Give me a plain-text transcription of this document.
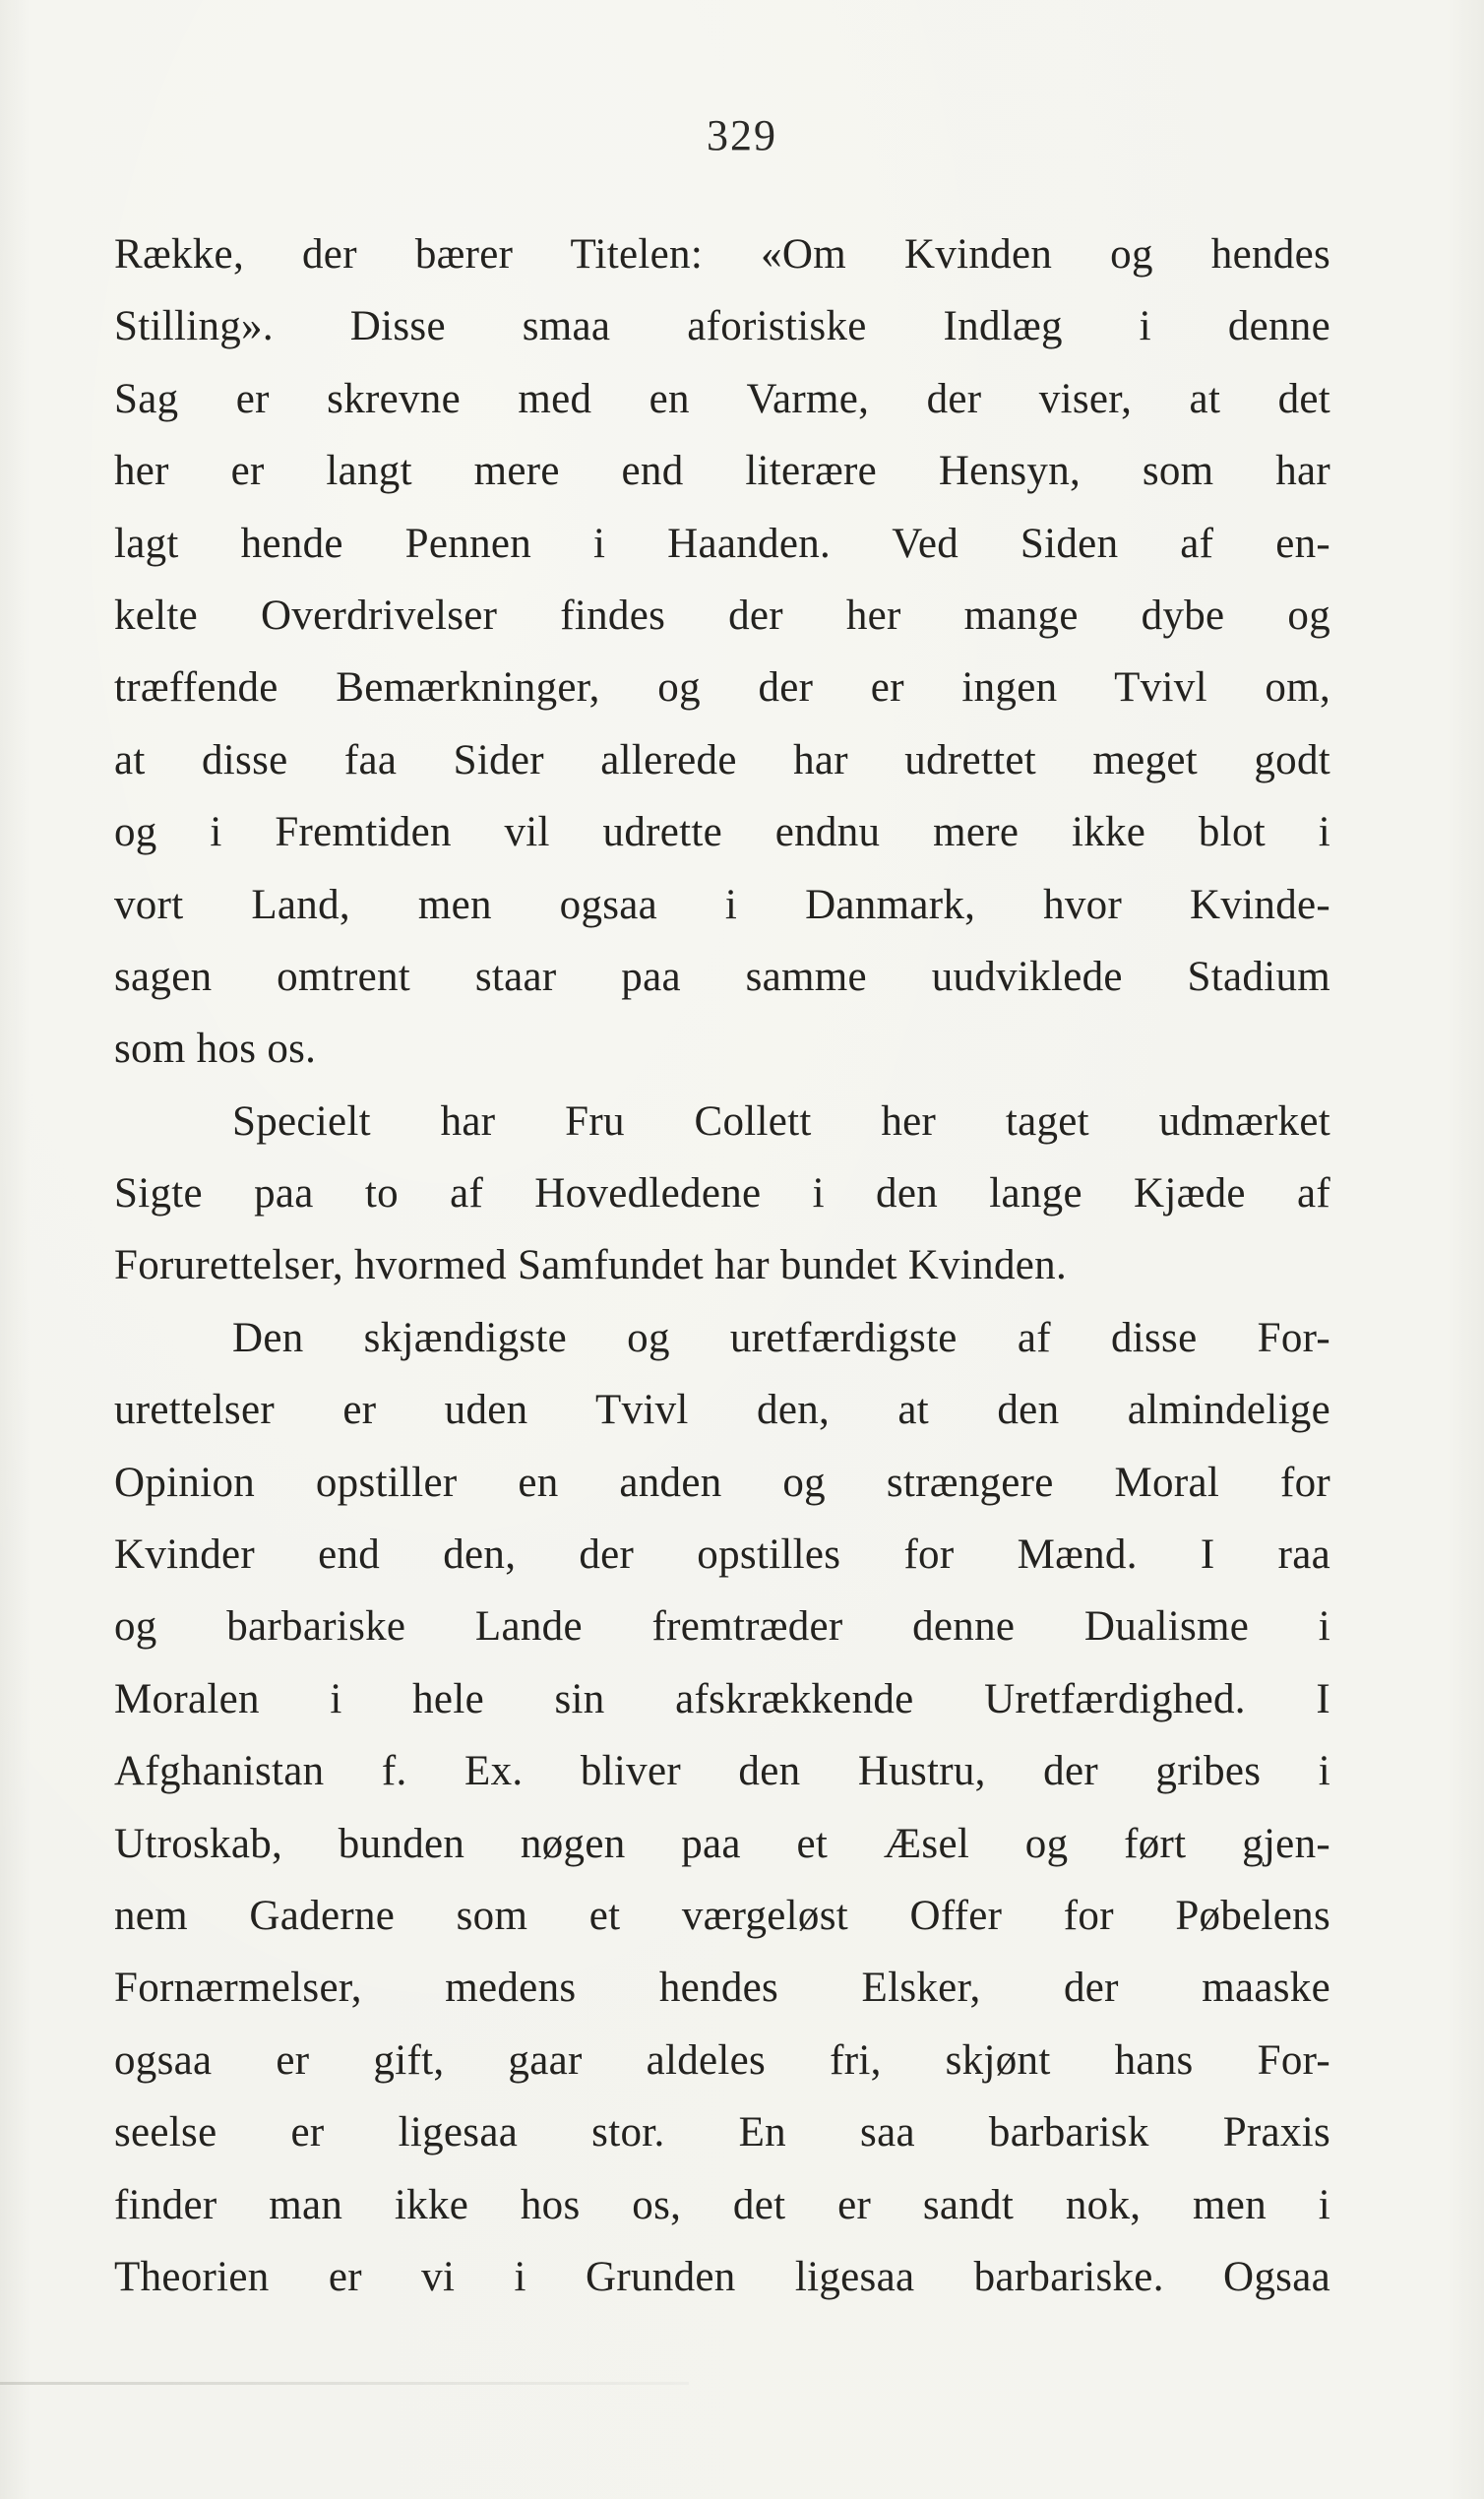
329
Række, der bærer Titelen: «Om Kvinden og hendes
Stilling». Disse smaa aforistiske Indlæg i denne
Sag er skrevne med en Varme, der viser, at det
her er langt mere end literære Hensyn, som har
lagt hende Pennen i Haanden. Ved Siden af en-
kelte Overdrivelser findes der her mange dybe og
træffende Bemærkninger, og der er ingen Tvivl om,
at disse faa Sider allerede har udrettet meget godt
og i Fremtiden vil udrette endnu mere ikke blot i
vort Land, men ogsaa i Danmark, hvor Kvinde-
sagen omtrent staar paa samme uudviklede Stadium
som hos os.
Specielt har Fru Collett her taget udmærket
Sigte paa to af Hovedledene i den lange Kjæde af
Forurettelser, hvormed Samfundet har bundet Kvinden.
Den skjændigste og uretfærdigste af disse For-
urettelser er uden Tvivl den, at den almindelige
Opinion opstiller en anden og strængere Moral for
Kvinder end den, der opstilles for Mænd. I raa
og barbariske Lande fremtræder denne Dualisme i
Moralen i hele sin afskrækkende Uretfærdighed. I
Afghanistan f. Ex. bliver den Hustru, der gribes i
Utroskab, bunden nøgen paa et Æsel og ført gjen-
nem Gaderne som et værgeløst Offer for Pøbelens
Fornærmelser, medens hendes Elsker, der maaske
ogsaa er gift, gaar aldeles fri, skjønt hans For-
seelse er ligesaa stor. En saa barbarisk Praxis
finder man ikke hos os, det er sandt nok, men i
Theorien er vi i Grunden ligesaa barbariske. Ogsaa
